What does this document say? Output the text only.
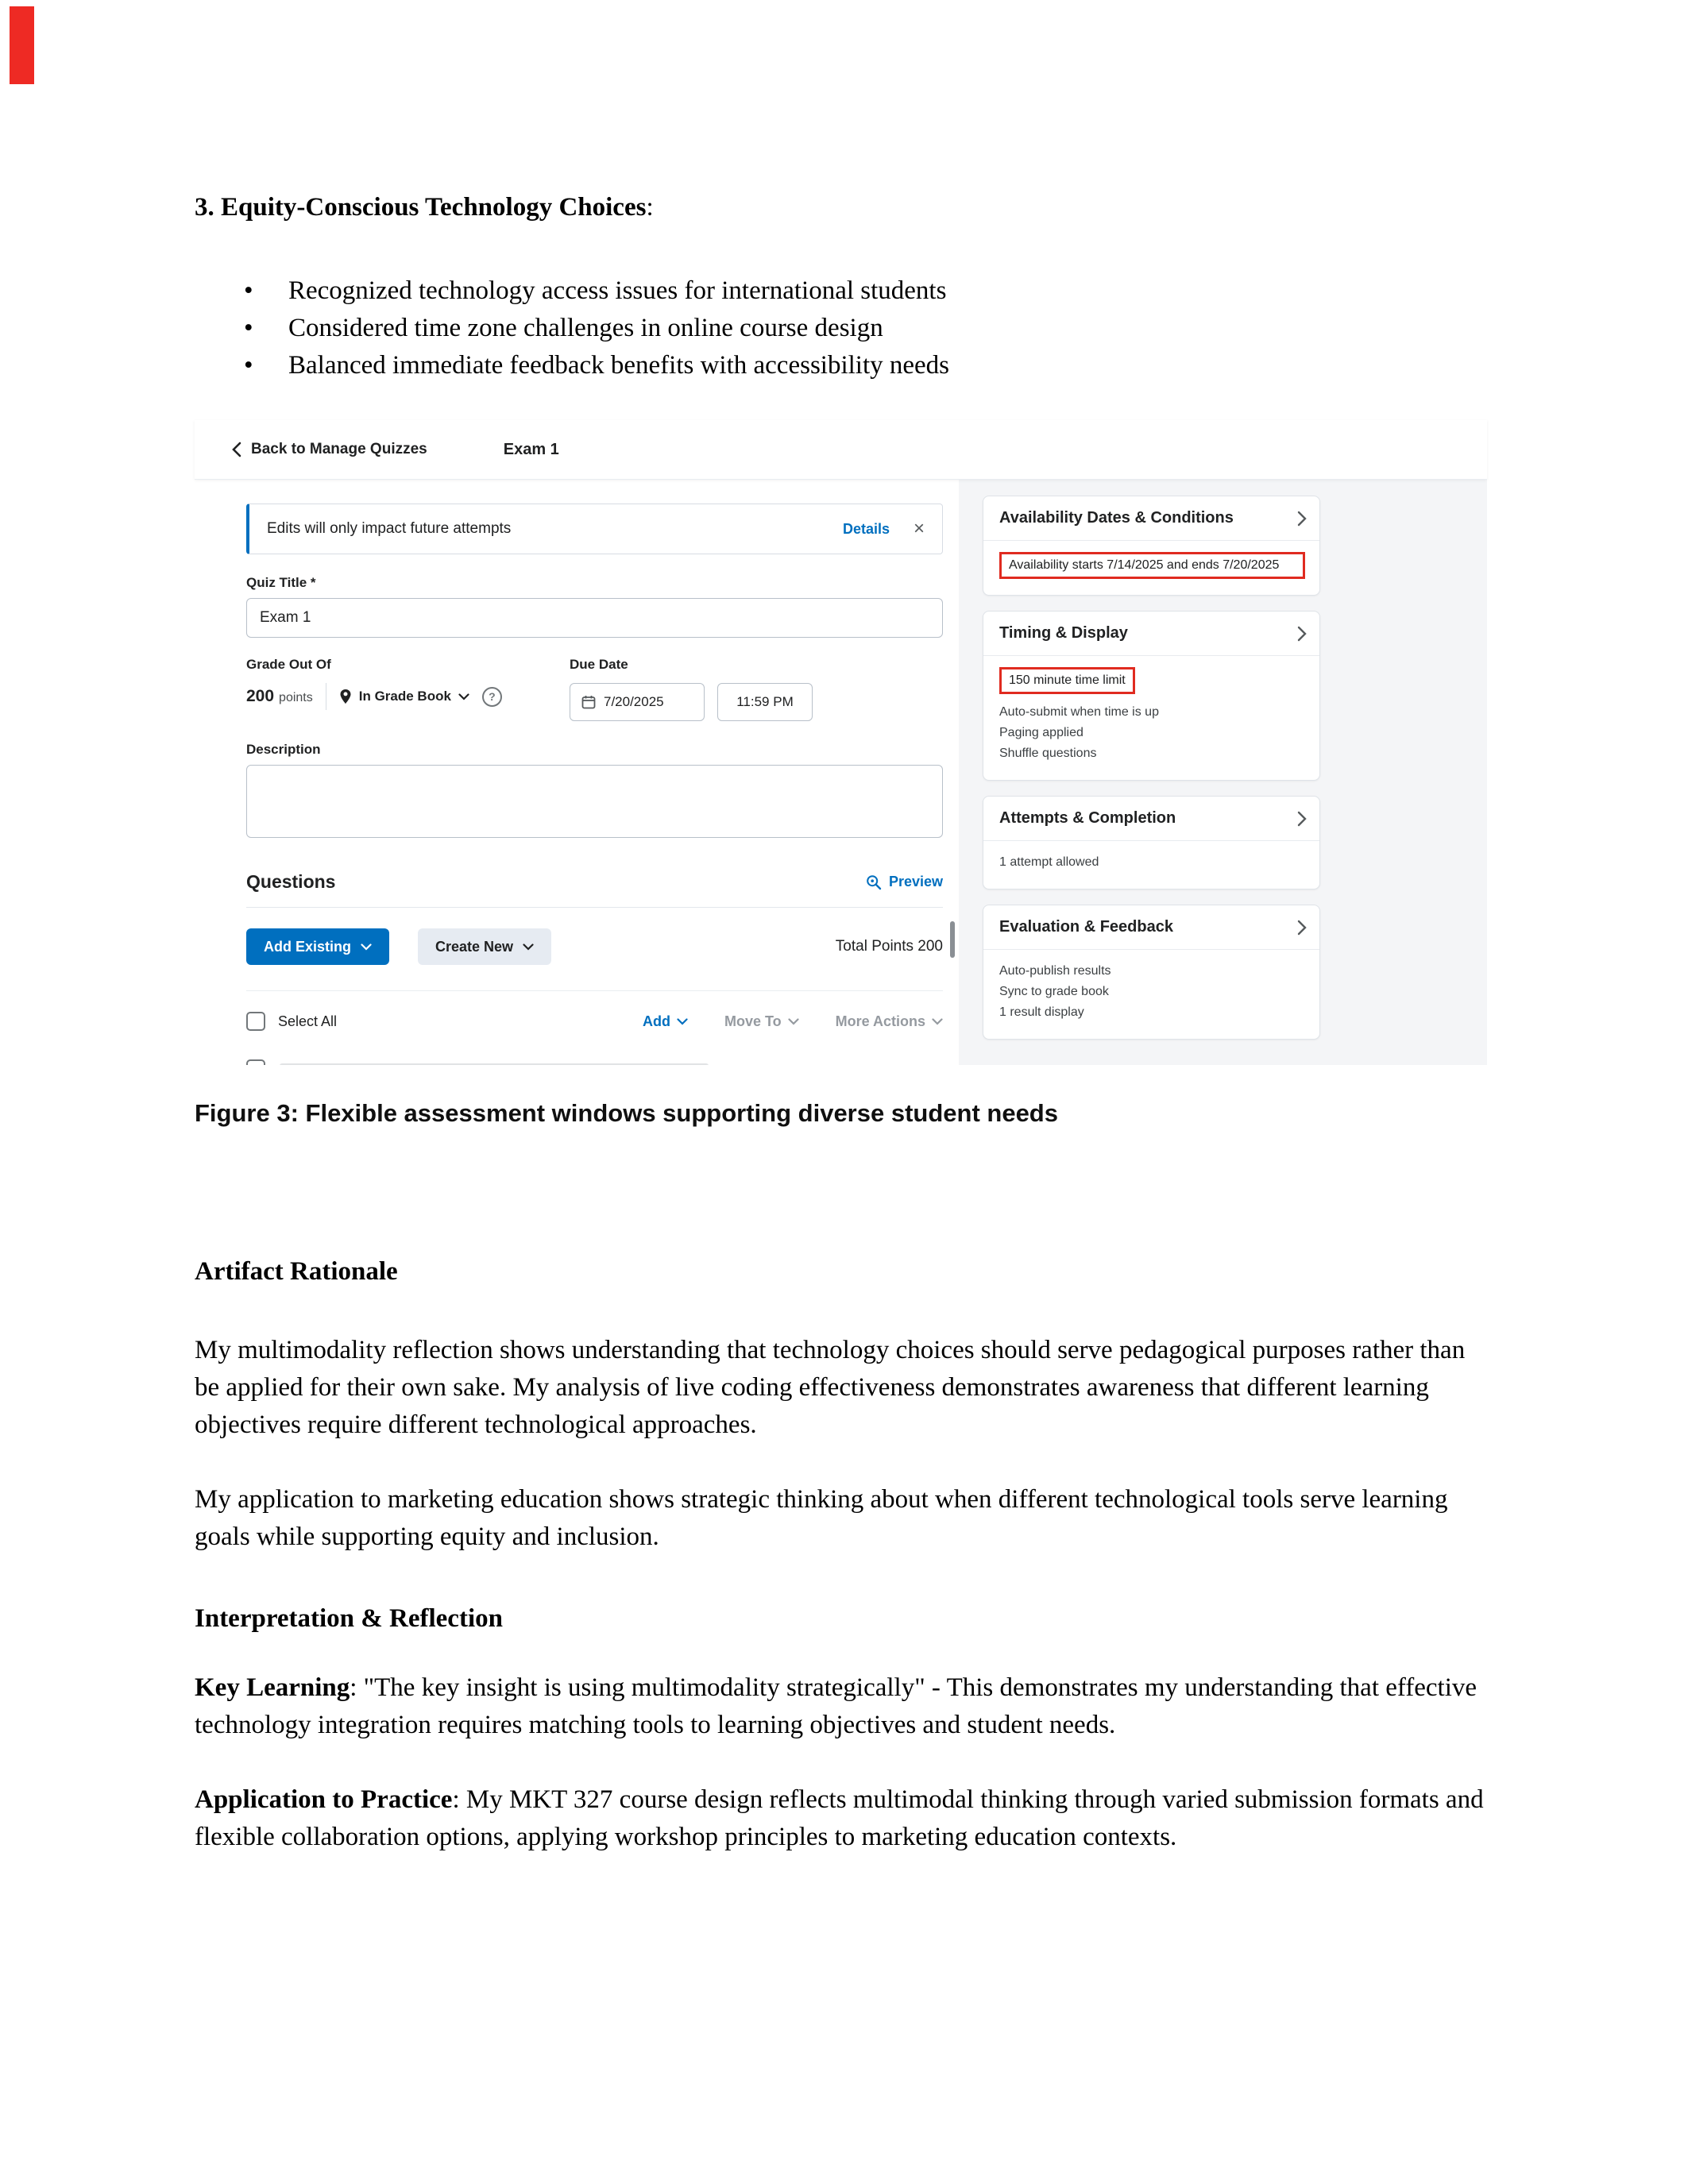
3. Equity-Conscious Technology Choices:
• Recognized technology access issues for international students
• Considered time zone challenges in online course design
• Balanced immediate feedback benefits with accessibility needs
Back to Manage Quizzes	Exam 1
Edits will only impact future attempts	Details ×
Quiz Title *
Exam 1
Grade Out Of
200 points	In Grade Book	?
Due Date
7/20/2025	11:59 PM
Description
Questions	Preview
Add Existing	Create New	Total Points 200
Select All	Add	Move To	More Actions
Availability Dates & Conditions
Availability starts 7/14/2025 and ends 7/20/2025
Timing & Display
150 minute time limit
Auto-submit when time is up
Paging applied
Shuffle questions
Attempts & Completion
1 attempt allowed
Evaluation & Feedback
Auto-publish results
Sync to grade book
1 result display
Figure 3: Flexible assessment windows supporting diverse student needs
Artifact Rationale

My multimodality reflection shows understanding that technology choices should serve pedagogical purposes rather than be applied for their own sake. My analysis of live coding effectiveness demonstrates awareness that different learning objectives require different technological approaches.

My application to marketing education shows strategic thinking about when different technological tools serve learning goals while supporting equity and inclusion.

Interpretation & Reflection

Key Learning: "The key insight is using multimodality strategically" - This demonstrates my understanding that effective technology integration requires matching tools to learning objectives and student needs.

Application to Practice: My MKT 327 course design reflects multimodal thinking through varied submission formats and flexible collaboration options, applying workshop principles to marketing education contexts.
